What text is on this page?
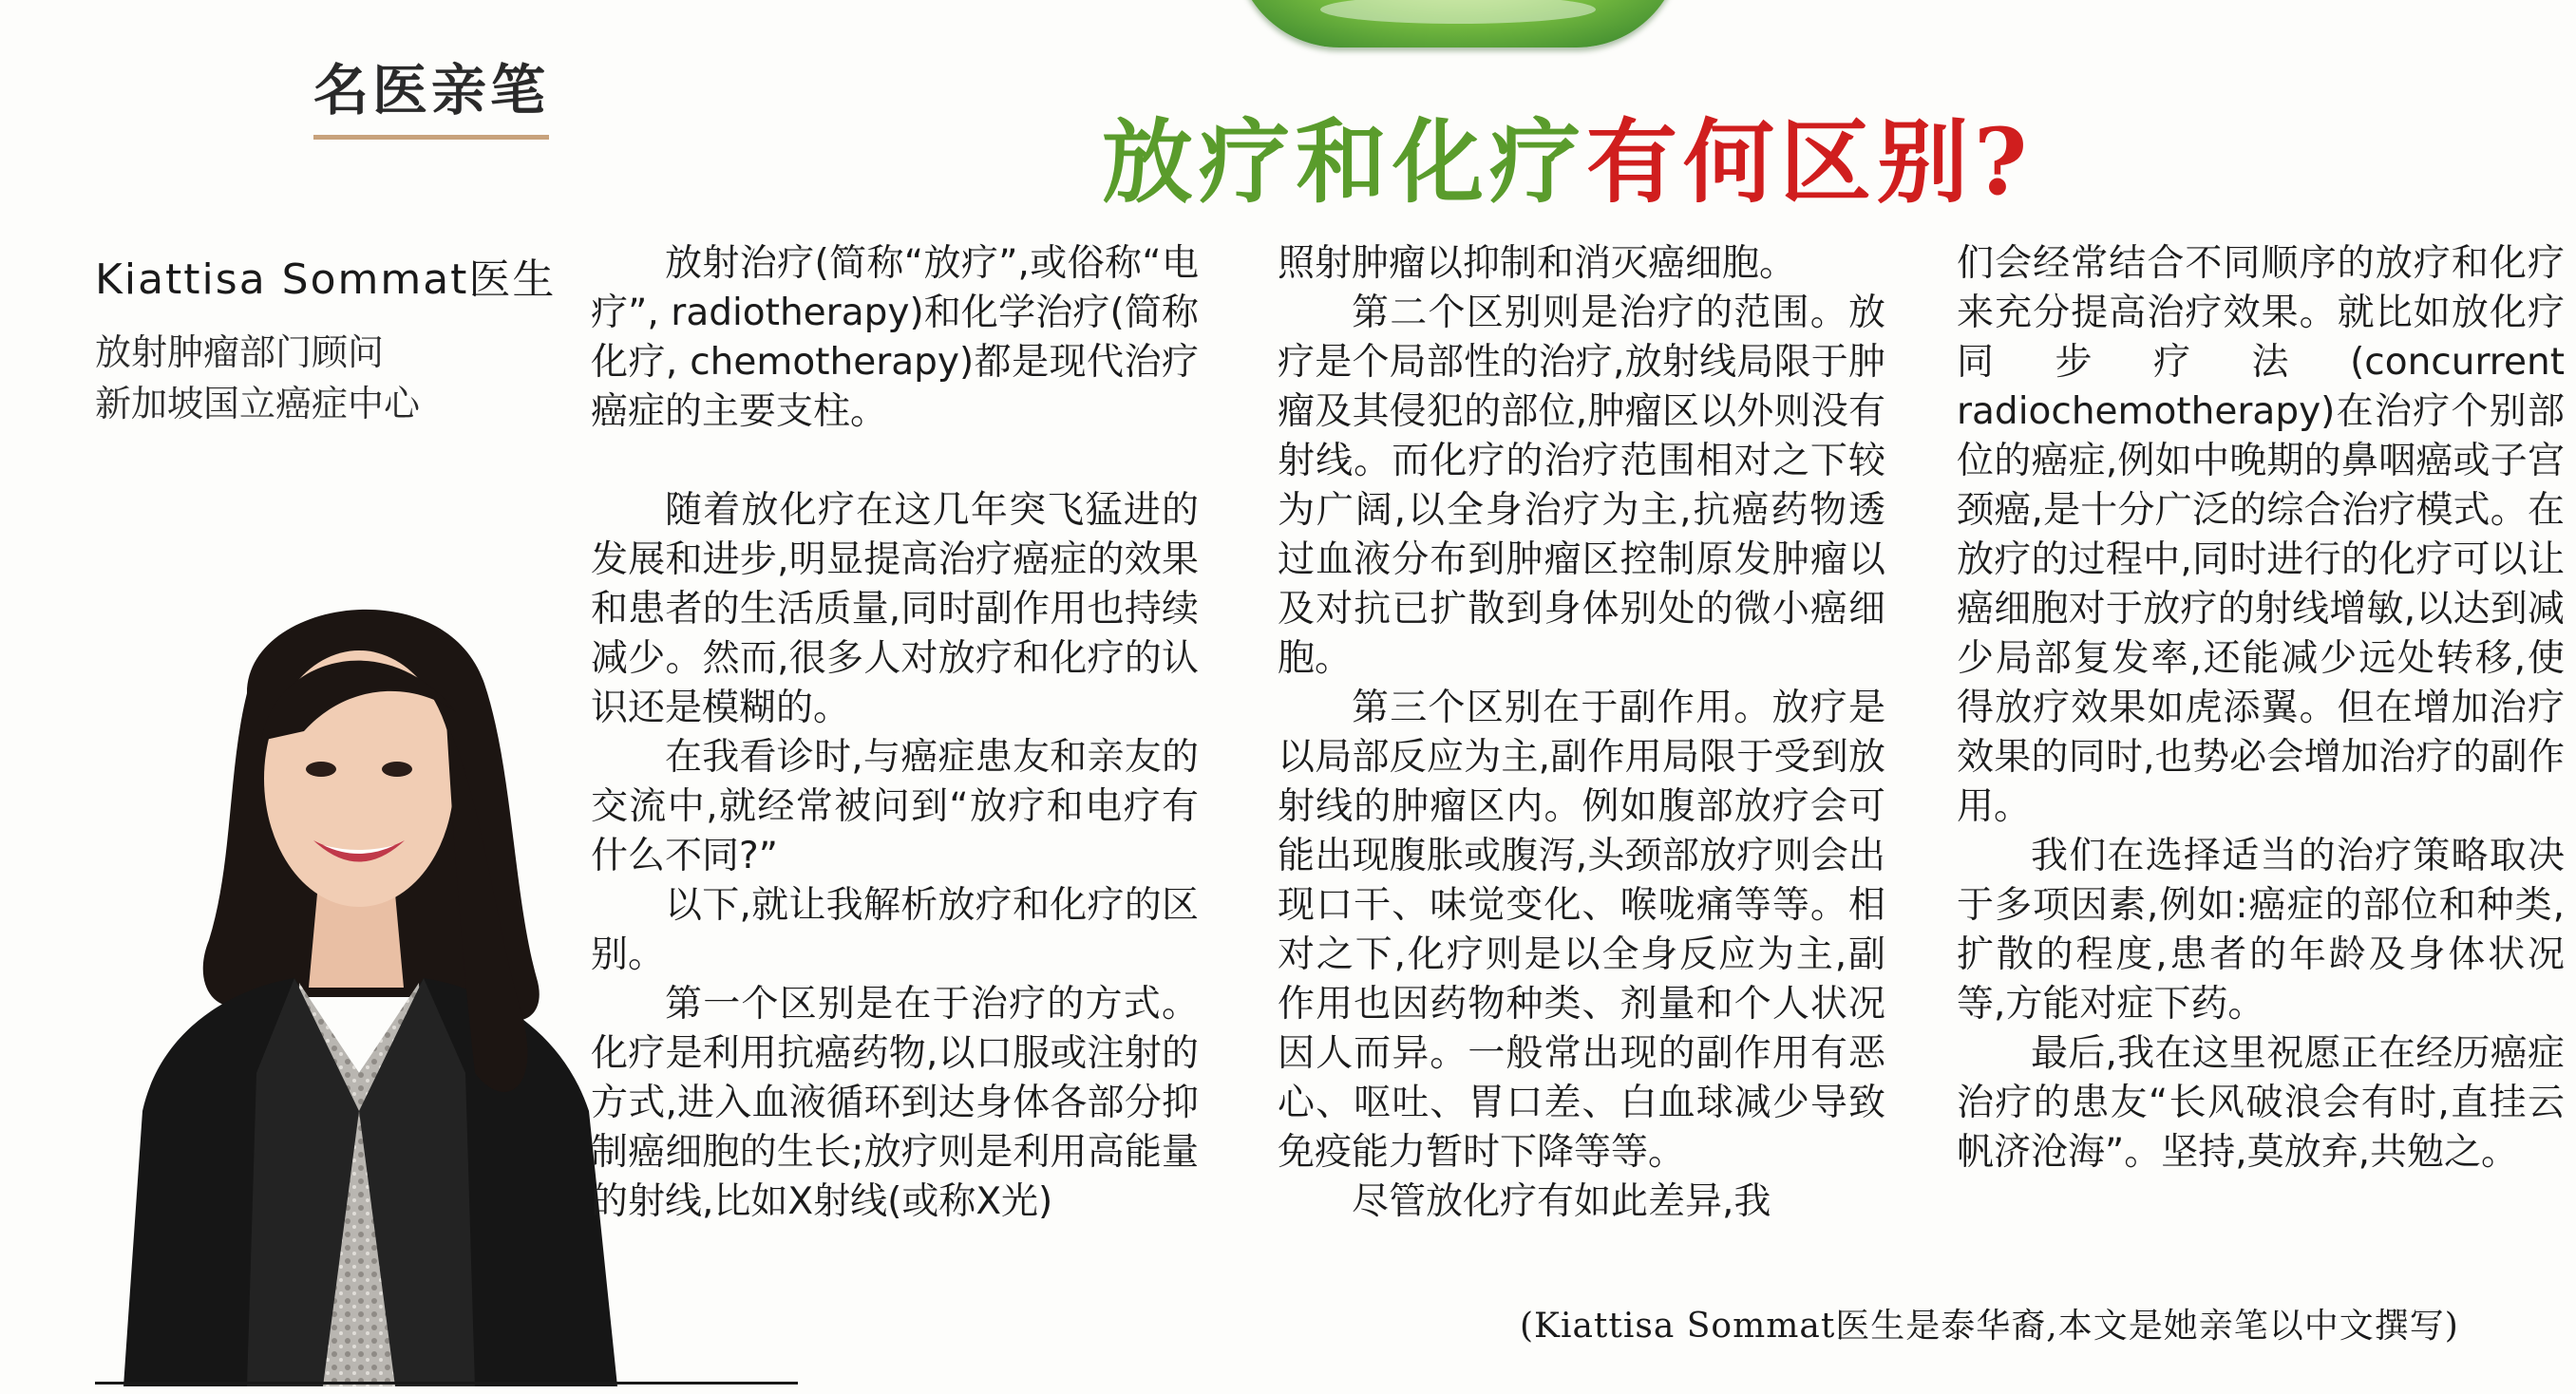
名医亲笔
放疗和化疗有何区别?
Kiattisa Sommat医生
放射肿瘤部门顾问
新加坡国立癌症中心

放射治疗(简称“放疗”,或俗称“电疗”, radiotherapy)和化学治疗(简称化疗, chemotherapy)都是现代治疗癌症的主要支柱。

随着放化疗在这几年突飞猛进的发展和进步,明显提高治疗癌症的效果和患者的生活质量,同时副作用也持续减少。然而,很多人对放疗和化疗的认识还是模糊的。

在我看诊时,与癌症患友和亲友的交流中,就经常被问到“放疗和电疗有什么不同?”

以下,就让我解析放疗和化疗的区别。

第一个区别是在于治疗的方式。化疗是利用抗癌药物,以口服或注射的方式,进入血液循环到达身体各部分抑制癌细胞的生长;放疗则是利用高能量的射线,比如X射线(或称X光)

照射肿瘤以抑制和消灭癌细胞。

第二个区别则是治疗的范围。放疗是个局部性的治疗,放射线局限于肿瘤及其侵犯的部位,肿瘤区以外则没有射线。而化疗的治疗范围相对之下较为广阔,以全身治疗为主,抗癌药物透过血液分布到肿瘤区控制原发肿瘤以及对抗已扩散到身体别处的微小癌细胞。

第三个区别在于副作用。放疗是以局部反应为主,副作用局限于受到放射线的肿瘤区内。例如腹部放疗会可能出现腹胀或腹泻,头颈部放疗则会出现口干、味觉变化、喉咙痛等等。相对之下,化疗则是以全身反应为主,副作用也因药物种类、剂量和个人状况因人而异。一般常出现的副作用有恶心、呕吐、胃口差、白血球减少导致免疫能力暂时下降等等。

尽管放化疗有如此差异,我

们会经常结合不同顺序的放疗和化疗来充分提高治疗效果。就比如放化疗同步疗法(concurrent radiochemotherapy)在治疗个别部位的癌症,例如中晚期的鼻咽癌或子宫颈癌,是十分广泛的综合治疗模式。在放疗的过程中,同时进行的化疗可以让癌细胞对于放疗的射线增敏,以达到减少局部复发率,还能减少远处转移,使得放疗效果如虎添翼。但在增加治疗效果的同时,也势必会增加治疗的副作用。

我们在选择适当的治疗策略取决于多项因素,例如:癌症的部位和种类,扩散的程度,患者的年龄及身体状况等,方能对症下药。

最后,我在这里祝愿正在经历癌症治疗的患友“长风破浪会有时,直挂云帆济沧海”。坚持,莫放弃,共勉之。

(Kiattisa Sommat医生是泰华裔,本文是她亲笔以中文撰写)
